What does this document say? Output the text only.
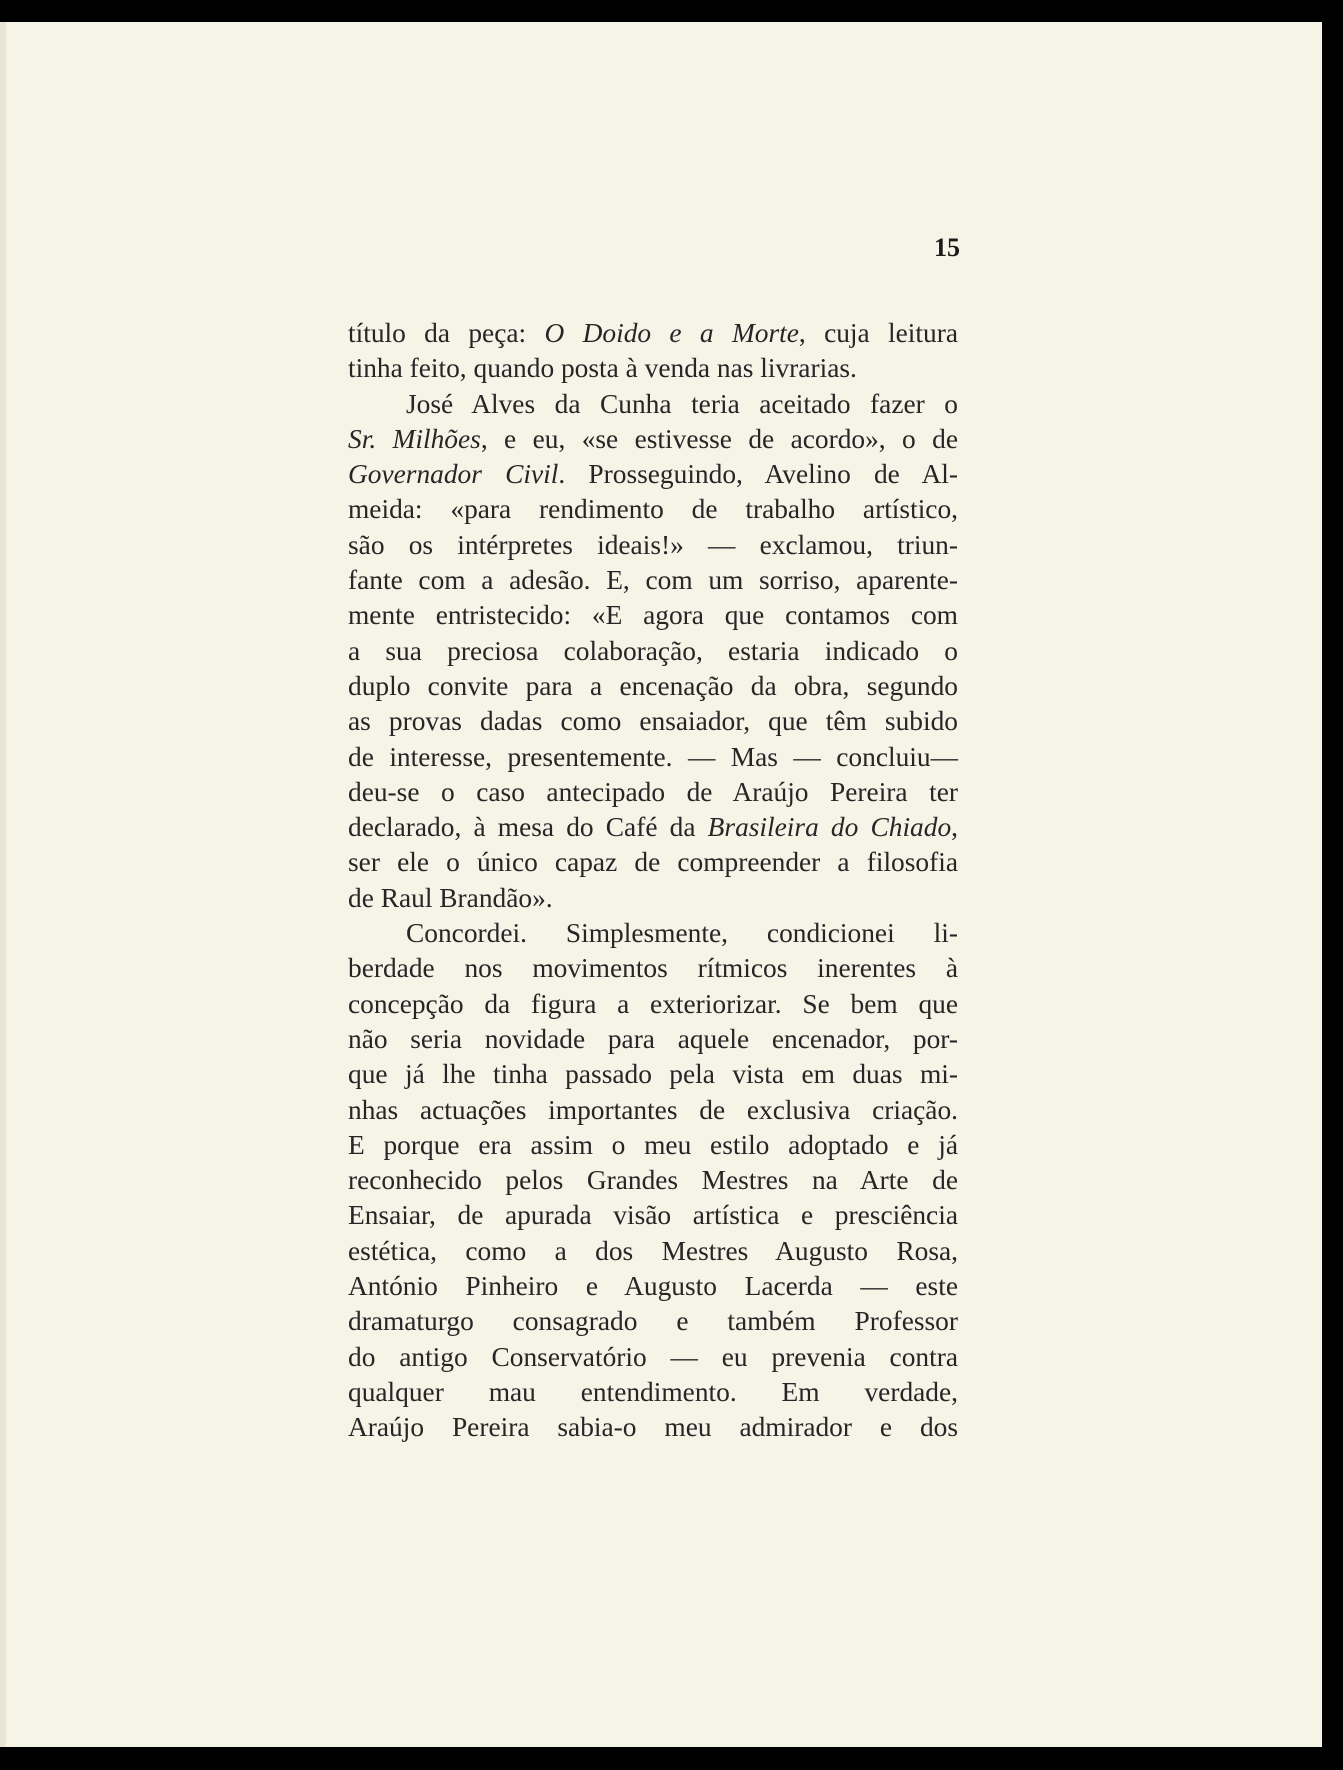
15
título da peça: O Doido e a Morte, cuja leitura
tinha feito, quando posta à venda nas livrarias.
José Alves da Cunha teria aceitado fazer o
Sr. Milhões, e eu, «se estivesse de acordo», o de
Governador Civil. Prosseguindo, Avelino de Al-
meida: «para rendimento de trabalho artístico,
são os intérpretes ideais!» — exclamou, triun-
fante com a adesão. E, com um sorriso, aparente-
mente entristecido: «E agora que contamos com
a sua preciosa colaboração, estaria indicado o
duplo convite para a encenação da obra, segundo
as provas dadas como ensaiador, que têm subido
de interesse, presentemente. — Mas — concluiu—
deu-se o caso antecipado de Araújo Pereira ter
declarado, à mesa do Café da Brasileira do Chiado,
ser ele o único capaz de compreender a filosofia
de Raul Brandão».
Concordei. Simplesmente, condicionei li-
berdade nos movimentos rítmicos inerentes à
concepção da figura a exteriorizar. Se bem que
não seria novidade para aquele encenador, por-
que já lhe tinha passado pela vista em duas mi-
nhas actuações importantes de exclusiva criação.
E porque era assim o meu estilo adoptado e já
reconhecido pelos Grandes Mestres na Arte de
Ensaiar, de apurada visão artística e presciência
estética, como a dos Mestres Augusto Rosa,
António Pinheiro e Augusto Lacerda — este
dramaturgo consagrado e também Professor
do antigo Conservatório — eu prevenia contra
qualquer mau entendimento. Em verdade,
Araújo Pereira sabia-o meu admirador e dos
